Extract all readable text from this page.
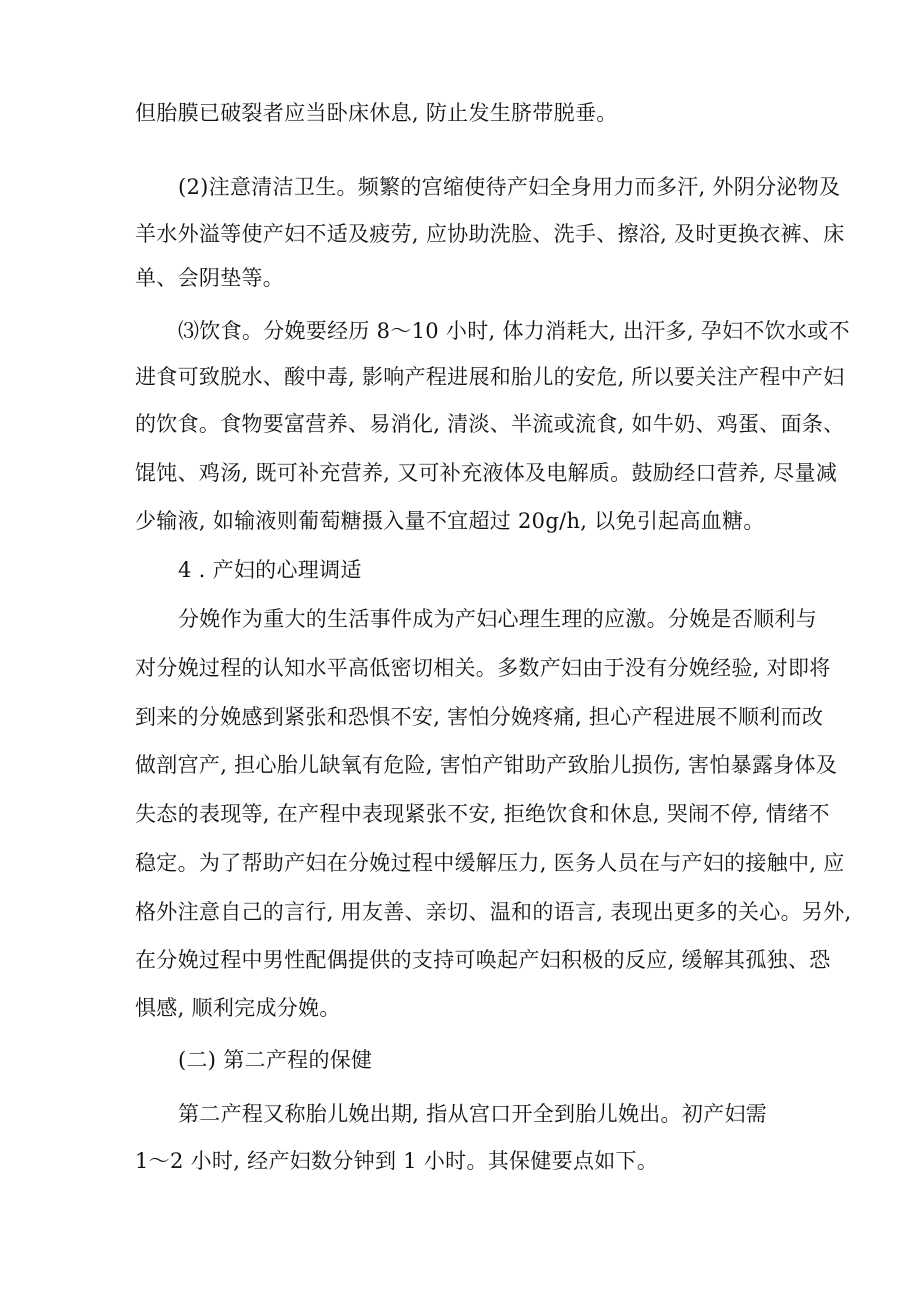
但胎膜已破裂者应当卧床休息, 防止发生脐带脱垂。
(2)注意清洁卫生。频繁的宫缩使待产妇全身用力而多汗, 外阴分泌物及
羊水外溢等使产妇不适及疲劳, 应协助洗脸、洗手、擦浴, 及时更换衣裤、床
单、会阴垫等。
⑶饮食。分娩要经历 8～10 小时, 体力消耗大, 出汗多, 孕妇不饮水或不
进食可致脱水、酸中毒, 影响产程进展和胎儿的安危, 所以要关注产程中产妇
的饮食。食物要富营养、易消化, 清淡、半流或流食, 如牛奶、鸡蛋、面条、
馄饨、鸡汤, 既可补充营养, 又可补充液体及电解质。鼓励经口营养, 尽量减
少输液, 如输液则葡萄糖摄入量不宜超过 20g∕h, 以免引起高血糖。
4 . 产妇的心理调适
分娩作为重大的生活事件成为产妇心理生理的应激。分娩是否顺利与
对分娩过程的认知水平高低密切相关。多数产妇由于没有分娩经验, 对即将
到来的分娩感到紧张和恐惧不安, 害怕分娩疼痛, 担心产程进展不顺利而改
做剖宫产, 担心胎儿缺氧有危险, 害怕产钳助产致胎儿损伤, 害怕暴露身体及
失态的表现等, 在产程中表现紧张不安, 拒绝饮食和休息, 哭闹不停, 情绪不
稳定。为了帮助产妇在分娩过程中缓解压力, 医务人员在与产妇的接触中, 应
格外注意自己的言行, 用友善、亲切、温和的语言, 表现出更多的关心。另外,
在分娩过程中男性配偶提供的支持可唤起产妇积极的反应, 缓解其孤独、恐
惧感, 顺利完成分娩。
(二) 第二产程的保健
第二产程又称胎儿娩出期, 指从宫口开全到胎儿娩出。初产妇需
1～2 小时, 经产妇数分钟到 1 小时。其保健要点如下。
